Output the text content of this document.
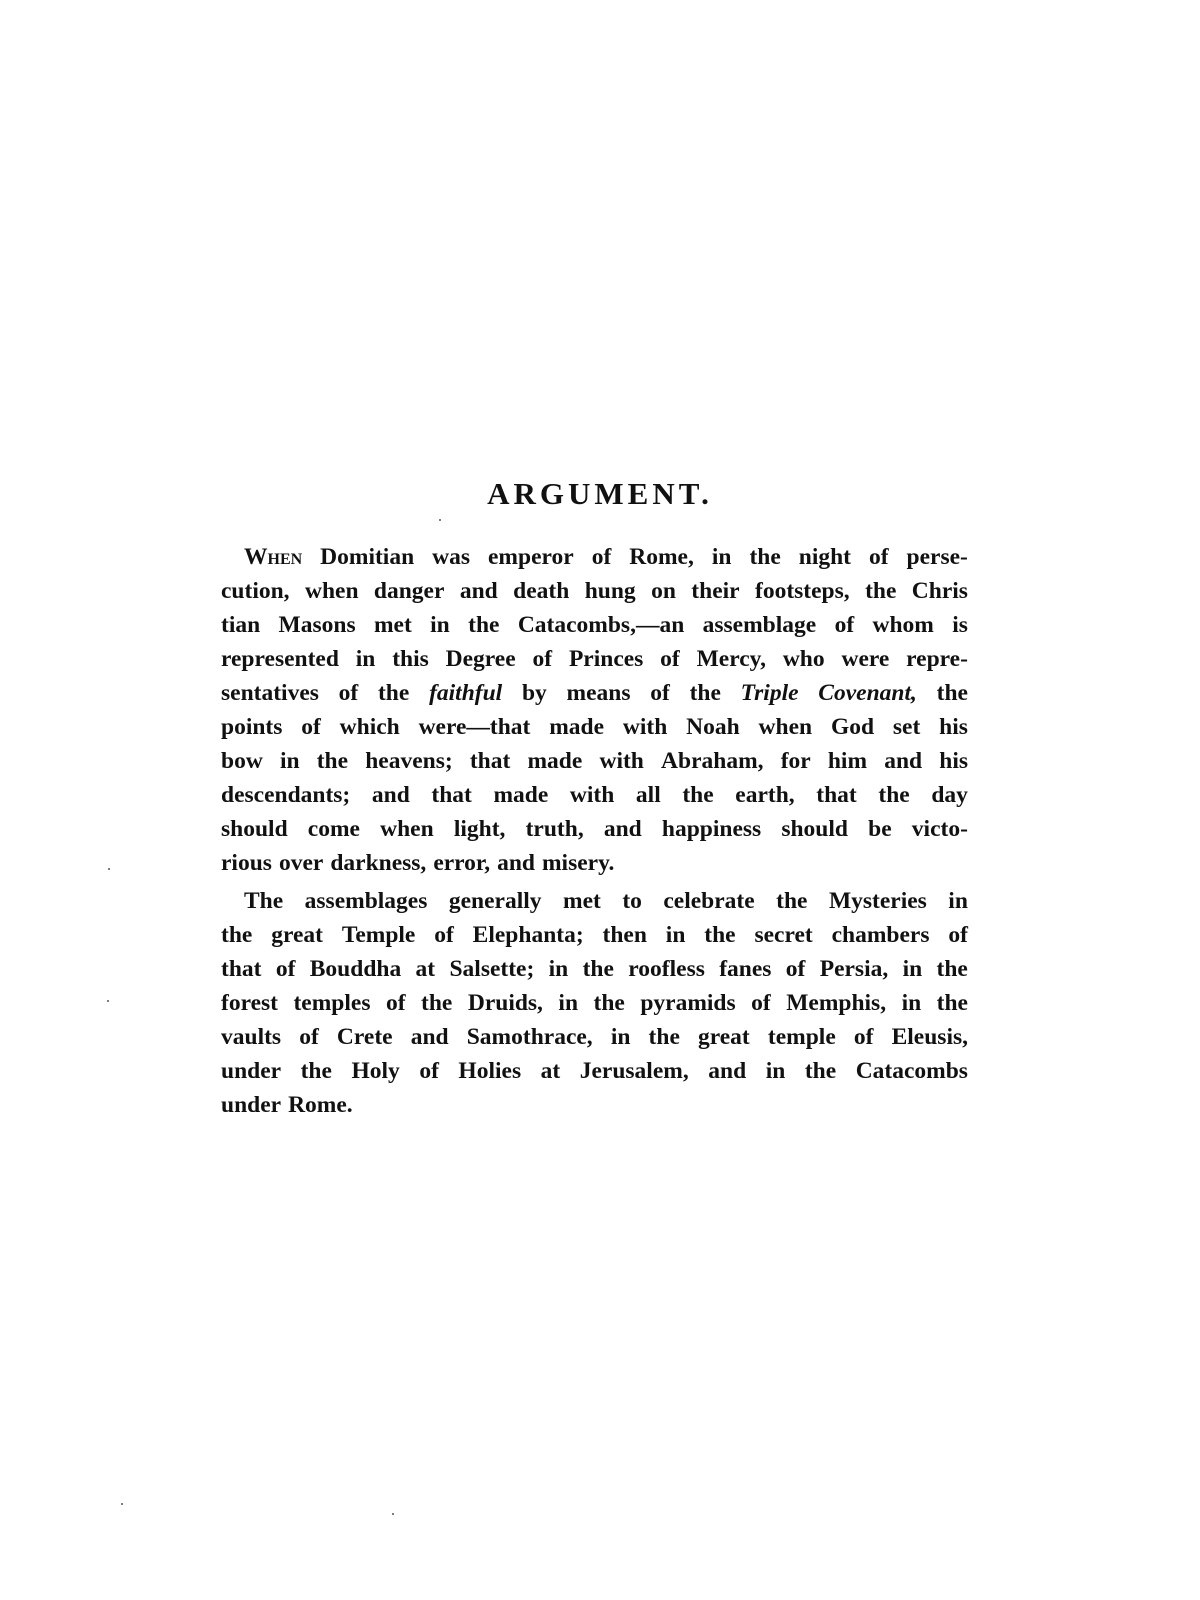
ARGUMENT.
When Domitian was emperor of Rome, in the night of perse-
cution, when danger and death hung on their footsteps, the Chris
tian Masons met in the Catacombs,—an assemblage of whom is
represented in this Degree of Princes of Mercy, who were repre-
sentatives of the faithful by means of the Triple Covenant, the
points of which were—that made with Noah when God set his
bow in the heavens; that made with Abraham, for him and his
descendants; and that made with all the earth, that the day
should come when light, truth, and happiness should be victo-
rious over darkness, error, and misery.
The assemblages generally met to celebrate the Mysteries in
the great Temple of Elephanta; then in the secret chambers of
that of Bouddha at Salsette; in the roofless fanes of Persia, in the
forest temples of the Druids, in the pyramids of Memphis, in the
vaults of Crete and Samothrace, in the great temple of Eleusis,
under the Holy of Holies at Jerusalem, and in the Catacombs
under Rome.
